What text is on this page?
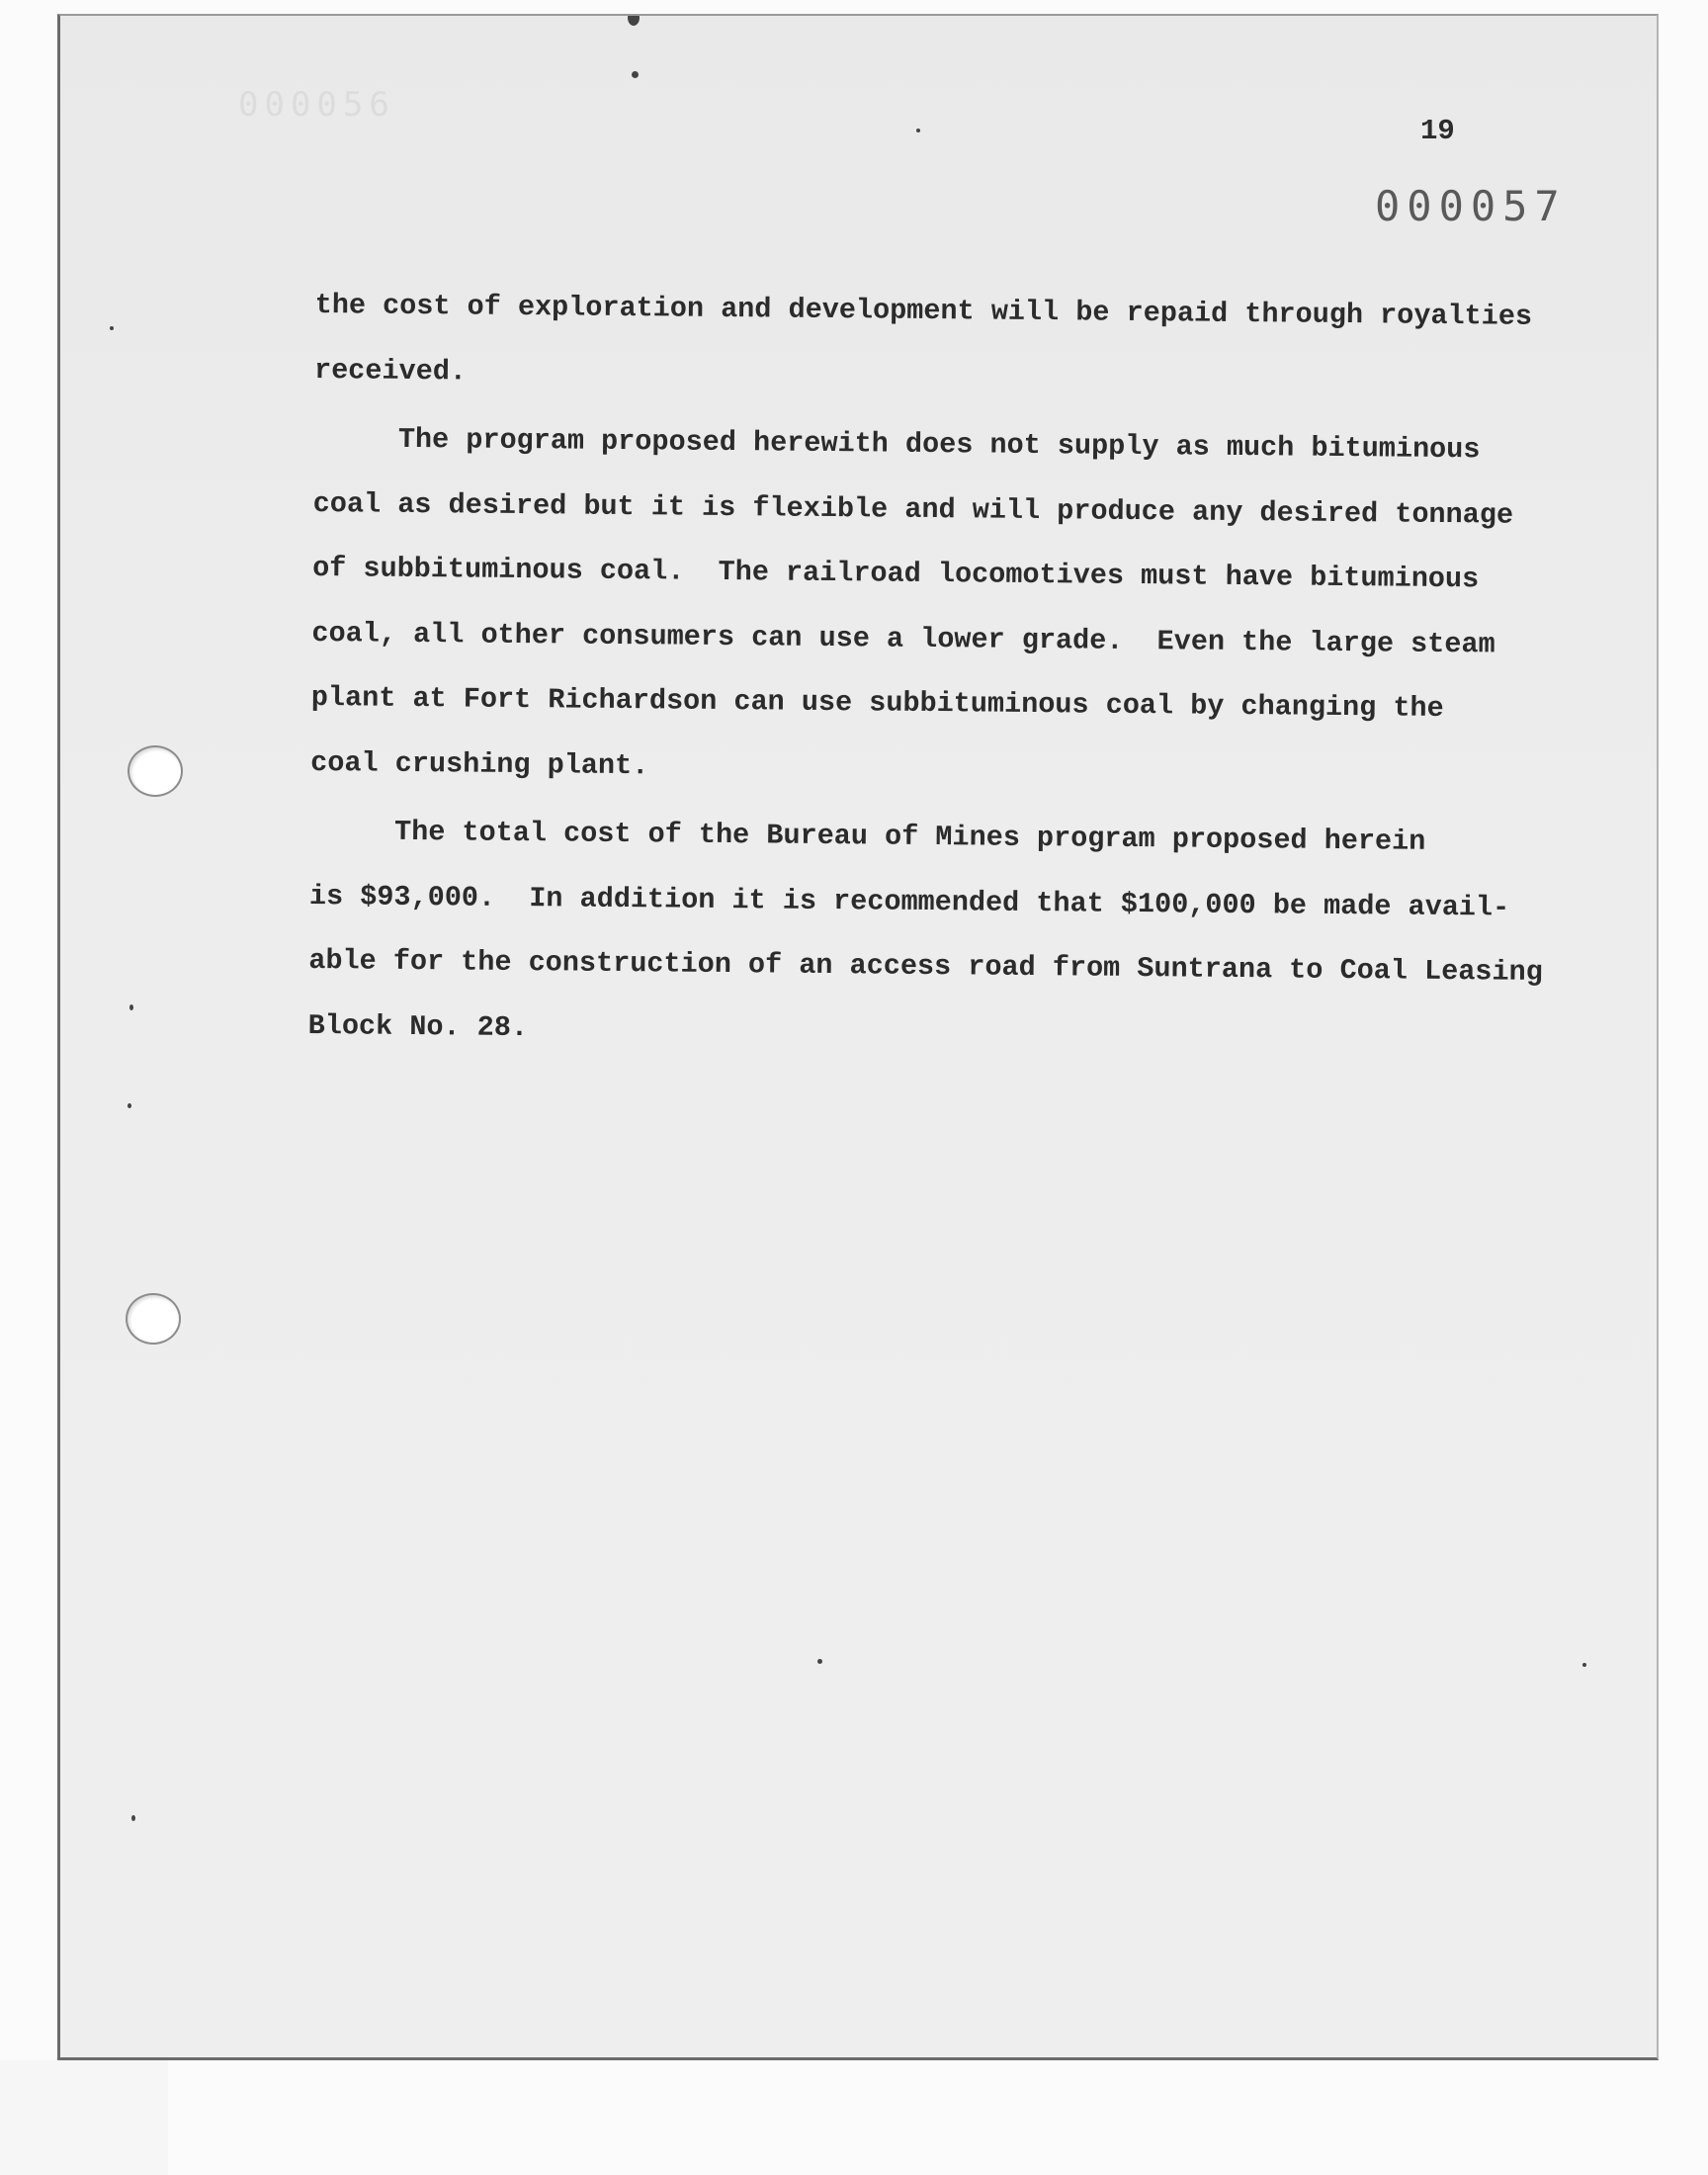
000056
19
000057
the cost of exploration and development will be repaid through royalties
received.
The program proposed herewith does not supply as much bituminous
coal as desired but it is flexible and will produce any desired tonnage
of subbituminous coal.  The railroad locomotives must have bituminous
coal, all other consumers can use a lower grade.  Even the large steam
plant at Fort Richardson can use subbituminous coal by changing the
coal crushing plant.
The total cost of the Bureau of Mines program proposed herein
is $93,000.  In addition it is recommended that $100,000 be made avail-
able for the construction of an access road from Suntrana to Coal Leasing
Block No. 28.
